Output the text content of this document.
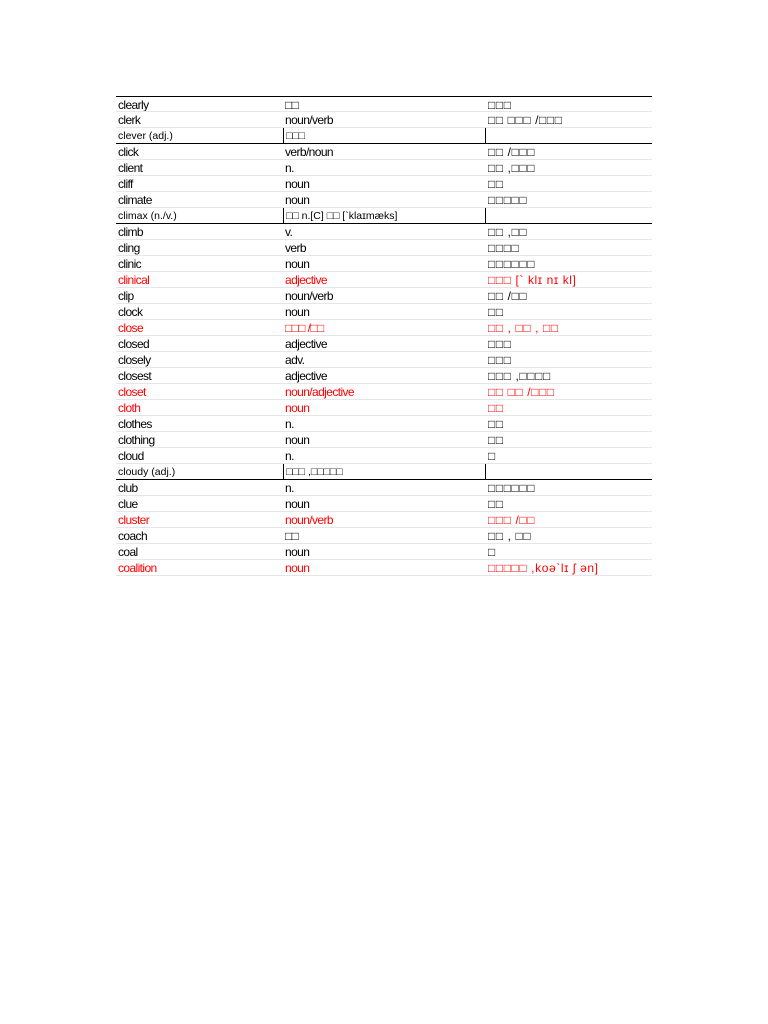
clearly	□□	□□□
clerk	noun/verb	□□ □□□ /□□□
clever (adj.)	□□□
click	verb/noun	□□ /□□□
client	n.	□□ ,□□□
cliff	noun	□□
climate	noun	□□□□□
climax (n./v.)	□□ n.[C] □□ [`klaɪmæks]
climb	v.	□□ ,□□
cling	verb	□□□□
clinic	noun	□□□□□□
clinical	adjective	□□□ [` klɪ nɪ kl]
clip	noun/verb	□□ /□□
clock	noun	□□
close	□□□ /□□	□□ , □□ , □□
closed	adjective	□□□
closely	adv.	□□□
closest	adjective	□□□ ,□□□□
closet	noun/adjective	□□ □□ /□□□
cloth	noun	□□
clothes	n.	□□
clothing	noun	□□
cloud	n.	□
cloudy (adj.)	□□□ ,□□□□□
club	n.	□□□□□□
clue	noun	□□
cluster	noun/verb	□□□ /□□
coach	□□	□□ , □□
coal	noun	□
coalition	noun	□□□□□ ,koəˋlɪ ʃ ən]
